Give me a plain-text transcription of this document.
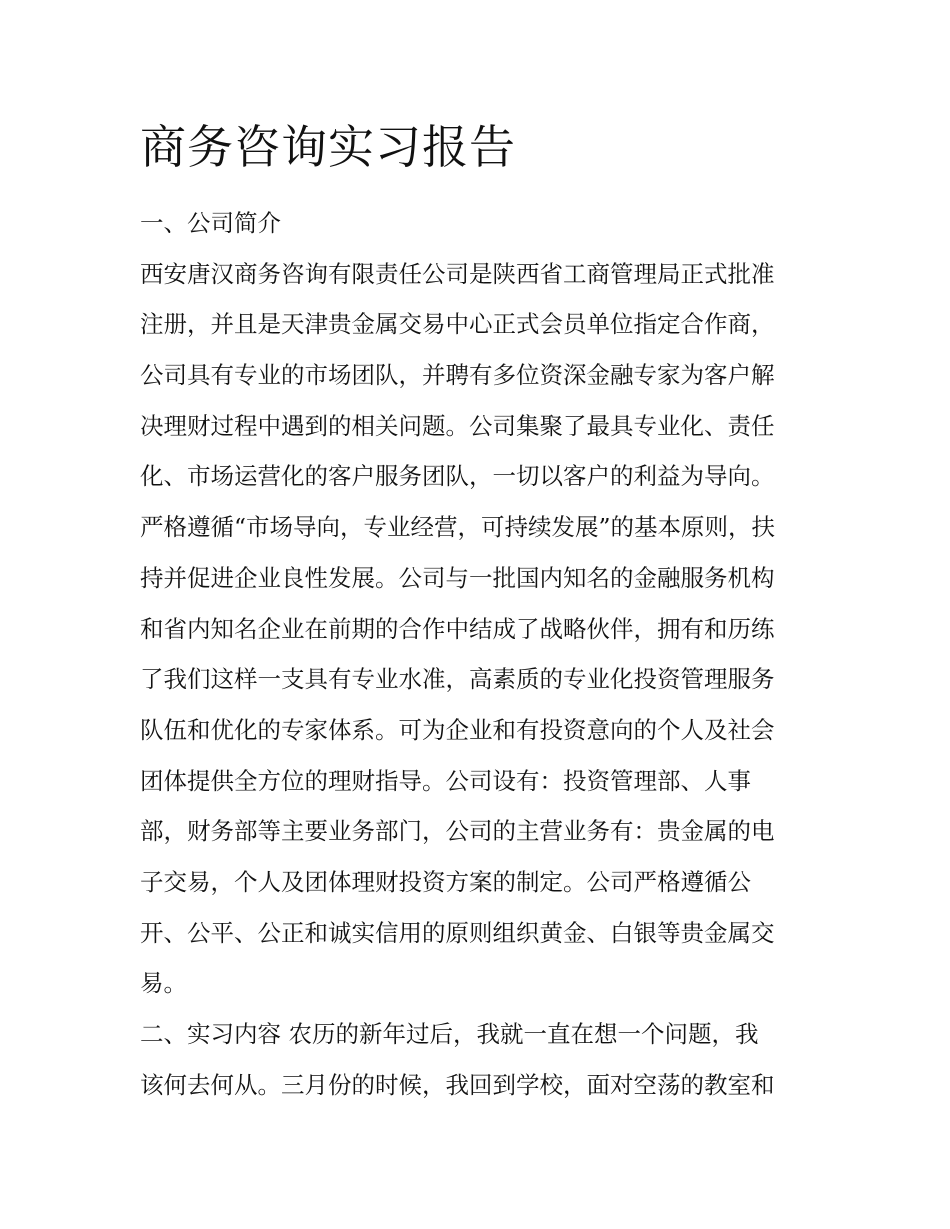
商务咨询实习报告
一、公司简介
西安唐汉商务咨询有限责任公司是陕西省工商管理局正式批准
注册，并且是天津贵金属交易中心正式会员单位指定合作商，
公司具有专业的市场团队，并聘有多位资深金融专家为客户解
决理财过程中遇到的相关问题。公司集聚了最具专业化、责任
化、市场运营化的客户服务团队，一切以客户的利益为导向。
严格遵循“市场导向，专业经营，可持续发展”的基本原则，扶
持并促进企业良性发展。公司与一批国内知名的金融服务机构
和省内知名企业在前期的合作中结成了战略伙伴，拥有和历练
了我们这样一支具有专业水准，高素质的专业化投资管理服务
队伍和优化的专家体系。可为企业和有投资意向的个人及社会
团体提供全方位的理财指导。公司设有：投资管理部、人事
部，财务部等主要业务部门，公司的主营业务有：贵金属的电
子交易，个人及团体理财投资方案的制定。公司严格遵循公
开、公平、公正和诚实信用的原则组织黄金、白银等贵金属交
易。
二、实习内容 农历的新年过后，我就一直在想一个问题，我
该何去何从。三月份的时候，我回到学校，面对空荡的教室和
